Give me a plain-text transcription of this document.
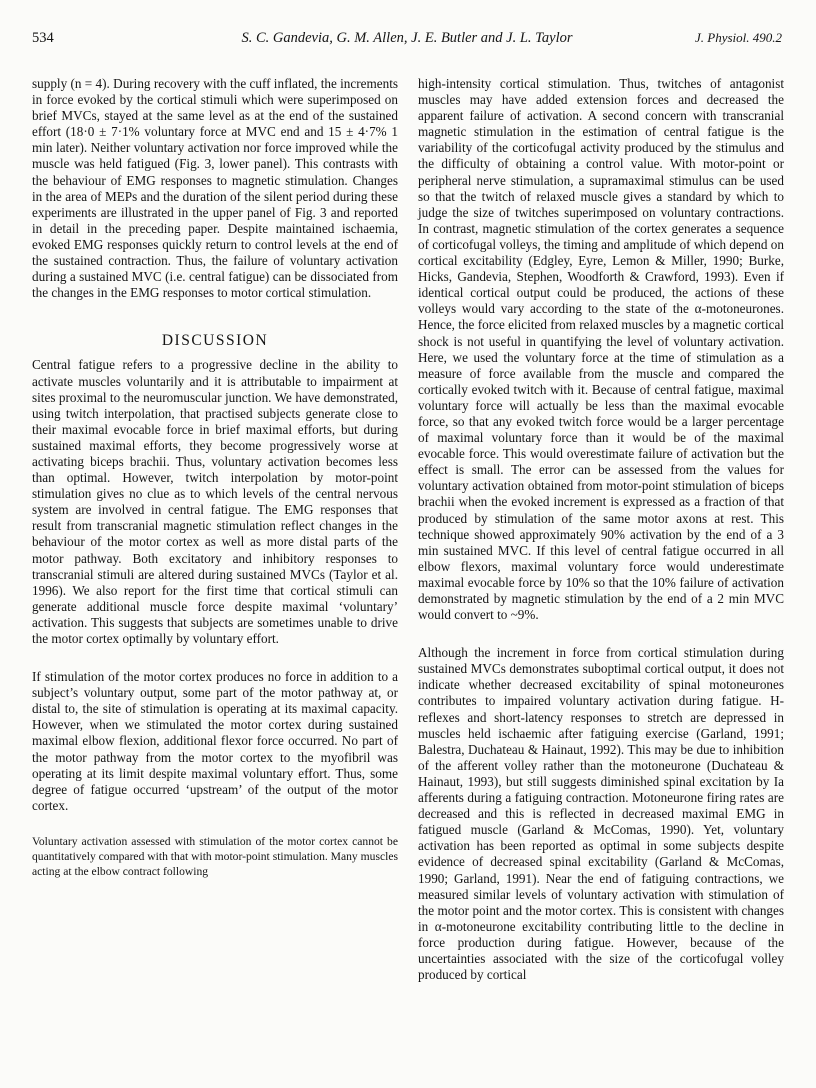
534	S. C. Gandevia, G. M. Allen, J. E. Butler and J. L. Taylor	J. Physiol. 490.2

supply (n = 4). During recovery with the cuff inflated, the increments in force evoked by the cortical stimuli which were superimposed on brief MVCs, stayed at the same level as at the end of the sustained effort (18·0 ± 7·1% voluntary force at MVC end and 15 ± 4·7% 1 min later). Neither voluntary activation nor force improved while the muscle was held fatigued (Fig. 3, lower panel). This contrasts with the behaviour of EMG responses to magnetic stimulation. Changes in the area of MEPs and the duration of the silent period during these experiments are illustrated in the upper panel of Fig. 3 and reported in detail in the preceding paper. Despite maintained ischaemia, evoked EMG responses quickly return to control levels at the end of the sustained contraction. Thus, the failure of voluntary activation during a sustained MVC (i.e. central fatigue) can be dissociated from the changes in the EMG responses to motor cortical stimulation.

DISCUSSION

Central fatigue refers to a progressive decline in the ability to activate muscles voluntarily and it is attributable to impairment at sites proximal to the neuromuscular junction. We have demonstrated, using twitch interpolation, that practised subjects generate close to their maximal evocable force in brief maximal efforts, but during sustained maximal efforts, they become progressively worse at activating biceps brachii. Thus, voluntary activation becomes less than optimal. However, twitch interpolation by motor-point stimulation gives no clue as to which levels of the central nervous system are involved in central fatigue. The EMG responses that result from transcranial magnetic stimulation reflect changes in the behaviour of the motor cortex as well as more distal parts of the motor pathway. Both excitatory and inhibitory responses to transcranial stimuli are altered during sustained MVCs (Taylor et al. 1996). We also report for the first time that cortical stimuli can generate additional muscle force despite maximal ‘voluntary’ activation. This suggests that subjects are sometimes unable to drive the motor cortex optimally by voluntary effort.

If stimulation of the motor cortex produces no force in addition to a subject’s voluntary output, some part of the motor pathway at, or distal to, the site of stimulation is operating at its maximal capacity. However, when we stimulated the motor cortex during sustained maximal elbow flexion, additional flexor force occurred. No part of the motor pathway from the motor cortex to the myofibril was operating at its limit despite maximal voluntary effort. Thus, some degree of fatigue occurred ‘upstream’ of the output of the motor cortex.

Voluntary activation assessed with stimulation of the motor cortex cannot be quantitatively compared with that with motor-point stimulation. Many muscles acting at the elbow contract following

high-intensity cortical stimulation. Thus, twitches of antagonist muscles may have added extension forces and decreased the apparent failure of activation. A second concern with transcranial magnetic stimulation in the estimation of central fatigue is the variability of the corticofugal activity produced by the stimulus and the difficulty of obtaining a control value. With motor-point or peripheral nerve stimulation, a supramaximal stimulus can be used so that the twitch of relaxed muscle gives a standard by which to judge the size of twitches superimposed on voluntary contractions. In contrast, magnetic stimulation of the cortex generates a sequence of corticofugal volleys, the timing and amplitude of which depend on cortical excitability (Edgley, Eyre, Lemon & Miller, 1990; Burke, Hicks, Gandevia, Stephen, Woodforth & Crawford, 1993). Even if identical cortical output could be produced, the actions of these volleys would vary according to the state of the α-motoneurones. Hence, the force elicited from relaxed muscles by a magnetic cortical shock is not useful in quantifying the level of voluntary activation. Here, we used the voluntary force at the time of stimulation as a measure of force available from the muscle and compared the cortically evoked twitch with it. Because of central fatigue, maximal voluntary force will actually be less than the maximal evocable force, so that any evoked twitch force would be a larger percentage of maximal voluntary force than it would be of the maximal evocable force. This would overestimate failure of activation but the effect is small. The error can be assessed from the values for voluntary activation obtained from motor-point stimulation of biceps brachii when the evoked increment is expressed as a fraction of that produced by stimulation of the same motor axons at rest. This technique showed approximately 90% activation by the end of a 3 min sustained MVC. If this level of central fatigue occurred in all elbow flexors, maximal voluntary force would underestimate maximal evocable force by 10% so that the 10% failure of activation demonstrated by magnetic stimulation by the end of a 2 min MVC would convert to ~9%.

Although the increment in force from cortical stimulation during sustained MVCs demonstrates suboptimal cortical output, it does not indicate whether decreased excitability of spinal motoneurones contributes to impaired voluntary activation during fatigue. H-reflexes and short-latency responses to stretch are depressed in muscles held ischaemic after fatiguing exercise (Garland, 1991; Balestra, Duchateau & Hainaut, 1992). This may be due to inhibition of the afferent volley rather than the motoneurone (Duchateau & Hainaut, 1993), but still suggests diminished spinal excitation by Ia afferents during a fatiguing contraction. Motoneurone firing rates are decreased and this is reflected in decreased maximal EMG in fatigued muscle (Garland & McComas, 1990). Yet, voluntary activation has been reported as optimal in some subjects despite evidence of decreased spinal excitability (Garland & McComas, 1990; Garland, 1991). Near the end of fatiguing contractions, we measured similar levels of voluntary activation with stimulation of the motor point and the motor cortex. This is consistent with changes in α-motoneurone excitability contributing little to the decline in force production during fatigue. However, because of the uncertainties associated with the size of the corticofugal volley produced by cortical
